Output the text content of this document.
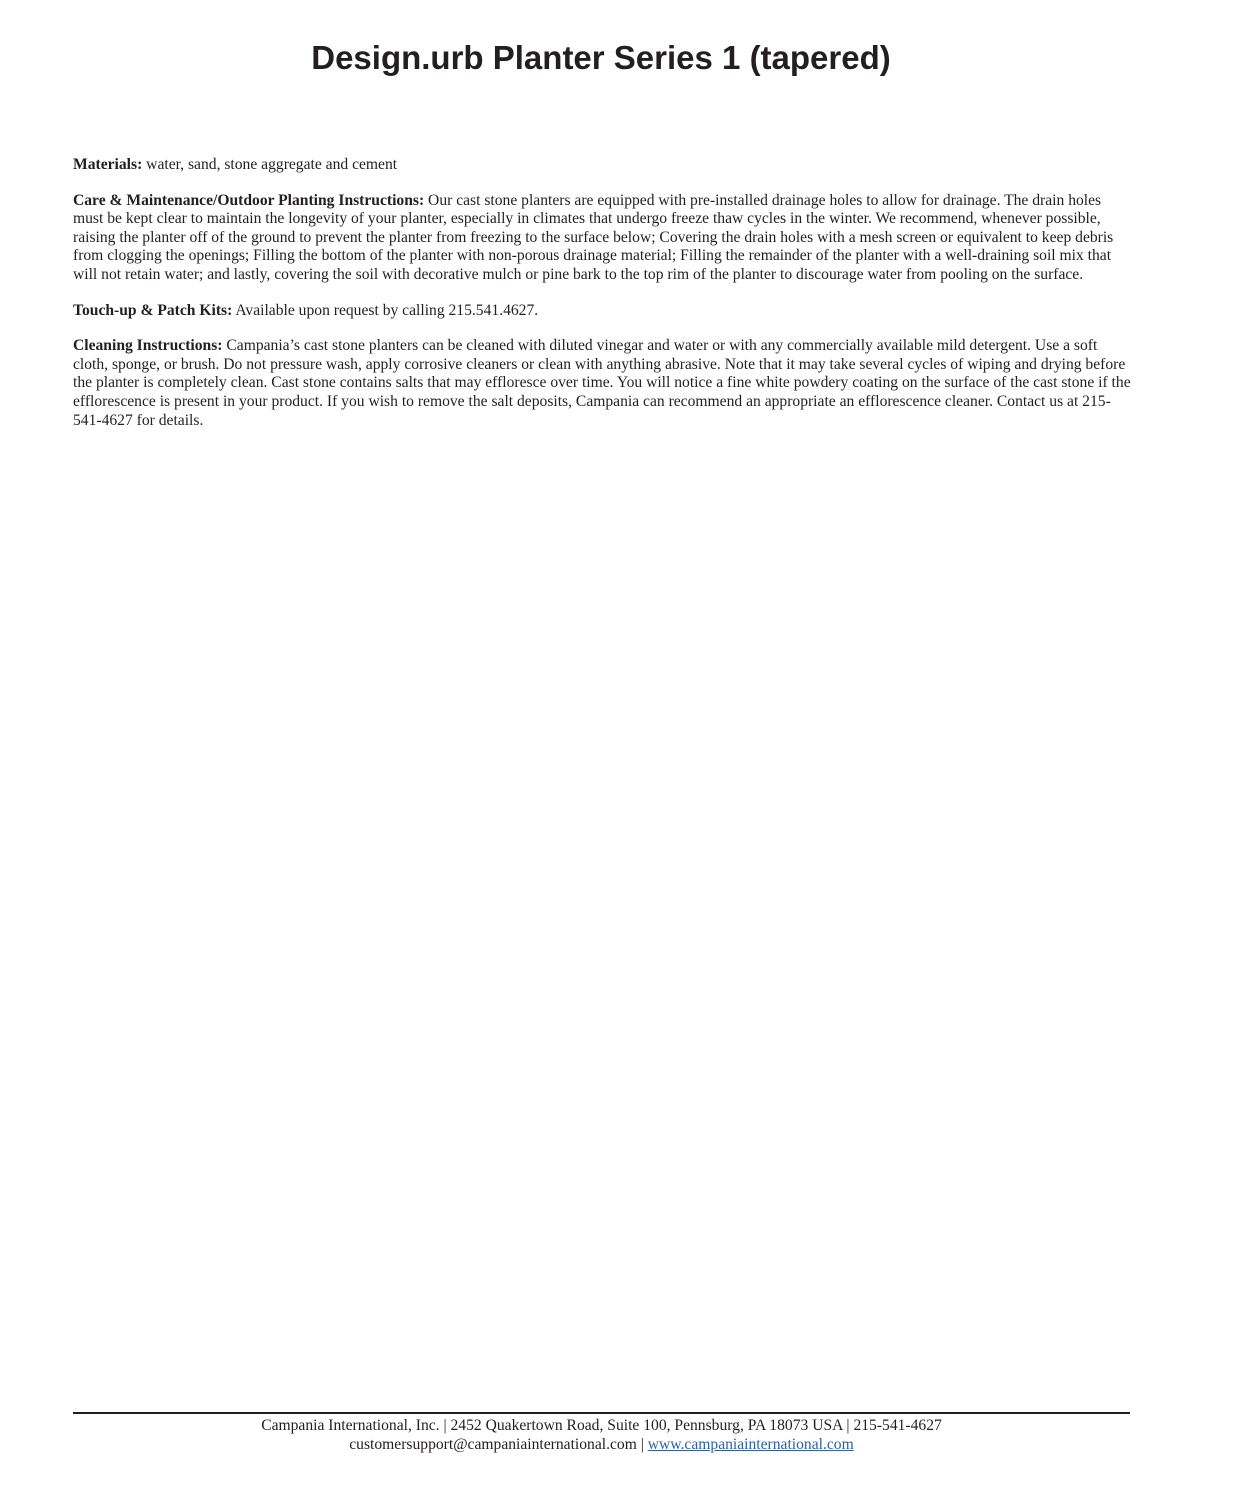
Design.urb Planter Series 1 (tapered)

Materials: water, sand, stone aggregate and cement

Care & Maintenance/Outdoor Planting Instructions: Our cast stone planters are equipped with pre-installed drainage holes to allow for drainage. The drain holes must be kept clear to maintain the longevity of your planter, especially in climates that undergo freeze thaw cycles in the winter. We recommend, whenever possible, raising the planter off of the ground to prevent the planter from freezing to the surface below; Covering the drain holes with a mesh screen or equivalent to keep debris from clogging the openings; Filling the bottom of the planter with non-porous drainage material; Filling the remainder of the planter with a well-draining soil mix that will not retain water; and lastly, covering the soil with decorative mulch or pine bark to the top rim of the planter to discourage water from pooling on the surface.

Touch-up & Patch Kits: Available upon request by calling 215.541.4627.

Cleaning Instructions: Campania’s cast stone planters can be cleaned with diluted vinegar and water or with any commercially available mild detergent. Use a soft cloth, sponge, or brush. Do not pressure wash, apply corrosive cleaners or clean with anything abrasive. Note that it may take several cycles of wiping and drying before the planter is completely clean. Cast stone contains salts that may effloresce over time. You will notice a fine white powdery coating on the surface of the cast stone if the efflorescence is present in your product. If you wish to remove the salt deposits, Campania can recommend an appropriate an efflorescence cleaner. Contact us at 215-541-4627 for details.

Campania International, Inc. | 2452 Quakertown Road, Suite 100, Pennsburg, PA 18073 USA | 215-541-4627
customersupport@campaniainternational.com | www.campaniainternational.com
